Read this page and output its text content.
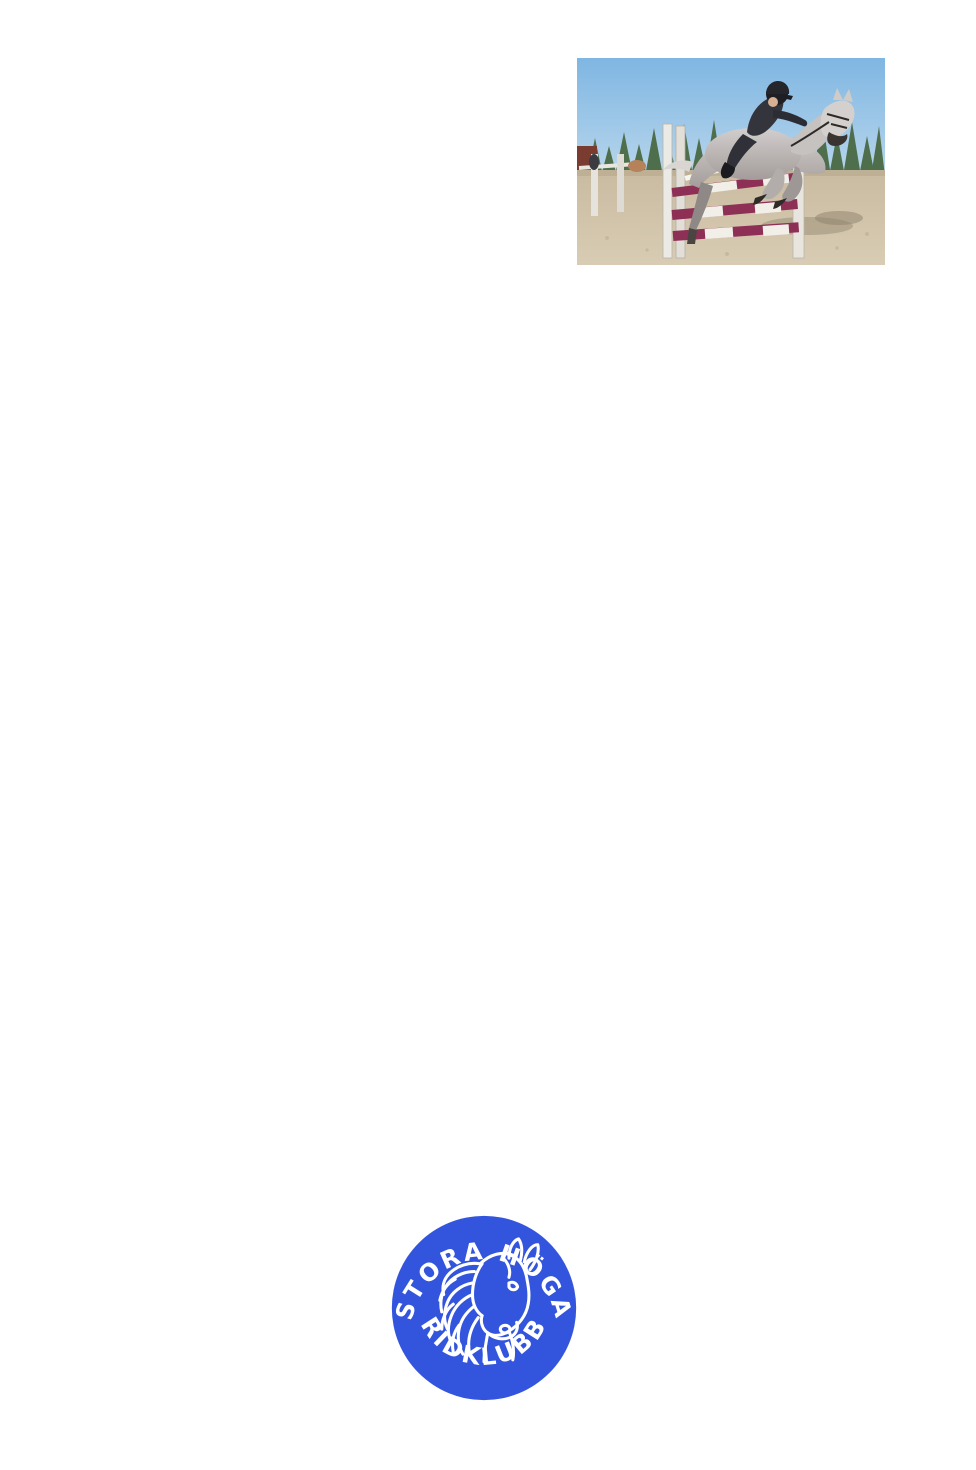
STORA HÖGA
RIDKLUBB
